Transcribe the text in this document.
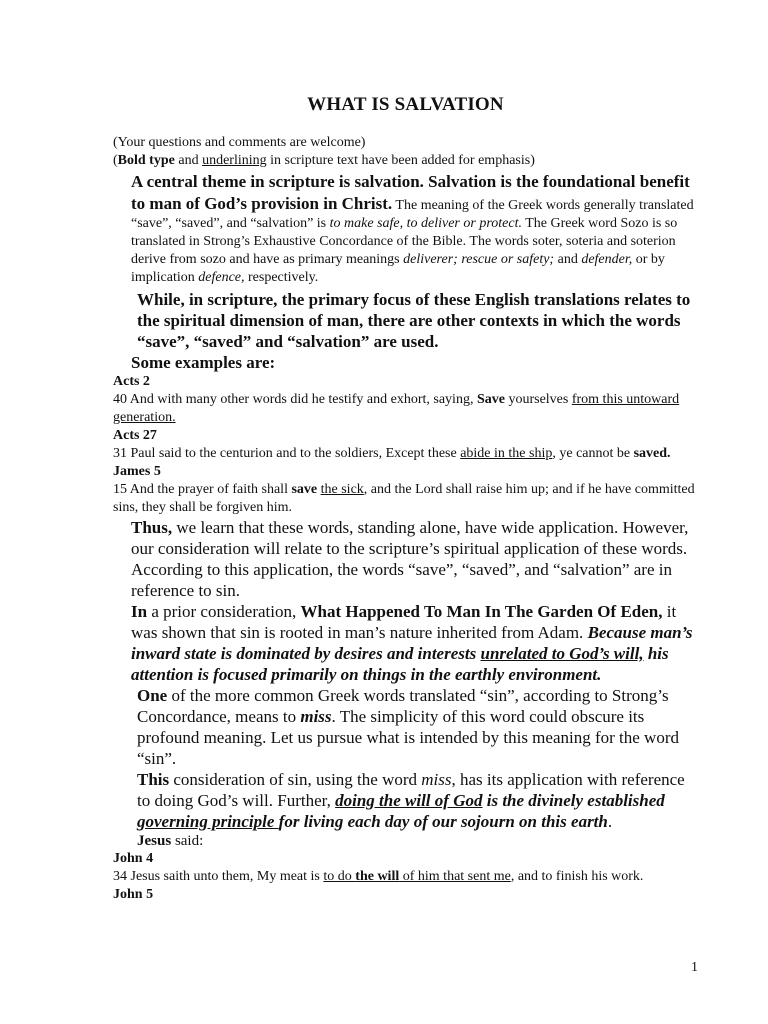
WHAT IS SALVATION

(Your questions and comments are welcome)

(Bold type and underlining in scripture text have been added for emphasis)

A central theme in scripture is salvation. Salvation is the foundational benefit to man of God’s provision in Christ. The meaning of the Greek words generally translated “save”, “saved”, and “salvation” is to make safe, to deliver or protect. The Greek word Sozo is so translated in Strong’s Exhaustive Concordance of the Bible. The words soter, soteria and soterion derive from sozo and have as primary meanings deliverer; rescue or safety; and defender, or by implication defence, respectively.

While, in scripture, the primary focus of these English translations relates to the spiritual dimension of man, there are other contexts in which the words “save”, “saved” and “salvation” are used.

Some examples are:

Acts 2

40 And with many other words did he testify and exhort, saying, Save yourselves from this untoward generation.

Acts 27

31 Paul said to the centurion and to the soldiers, Except these abide in the ship, ye cannot be saved.

James 5

15 And the prayer of faith shall save the sick, and the Lord shall raise him up; and if he have committed sins, they shall be forgiven him.

Thus, we learn that these words, standing alone, have wide application. However, our consideration will relate to the scripture’s spiritual application of these words. According to this application, the words “save”, “saved”, and “salvation” are in reference to sin.

In a prior consideration, What Happened To Man In The Garden Of Eden, it was shown that sin is rooted in man’s nature inherited from Adam. Because man’s inward state is dominated by desires and interests unrelated to God’s will, his attention is focused primarily on things in the earthly environment.

One of the more common Greek words translated “sin”, according to Strong’s Concordance, means to miss. The simplicity of this word could obscure its profound meaning. Let us pursue what is intended by this meaning for the word “sin”.

This consideration of sin, using the word miss, has its application with reference to doing God’s will. Further, doing the will of God is the divinely established governing principle for living each day of our sojourn on this earth.

Jesus said:

John 4

34 Jesus saith unto them, My meat is to do the will of him that sent me, and to finish his work.

John 5

1
